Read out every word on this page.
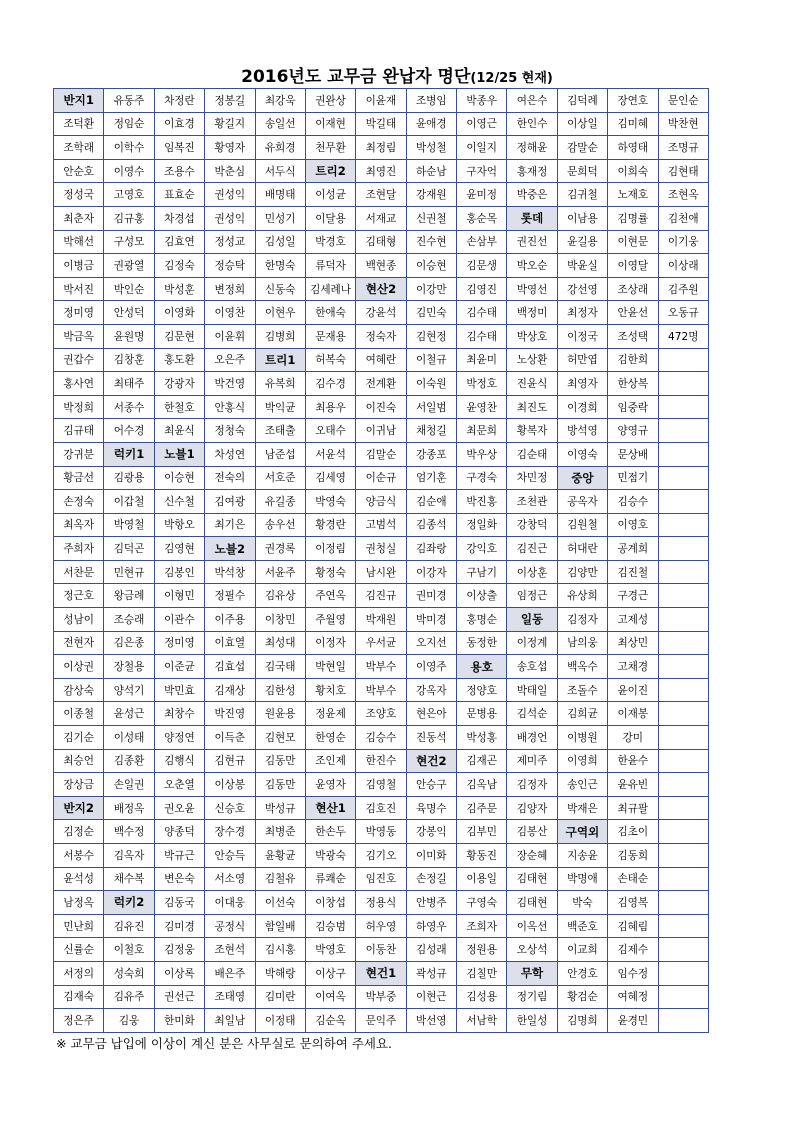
2016년도 교무금 완납자 명단(12/25 현재)
반지1	유동주	차정란	정봉길	최강욱	권완상	이윤재	조병임	박종우	여은수	김덕례	장연호	문인순
조덕환	정임순	이효경	황길지	송일선	이재현	박길태	윤애경	이영근	한인수	이상일	김미혜	박찬현
조학래	이학수	임복진	황영자	유희경	천무환	최정림	박성철	이일지	정해윤	감말순	하영태	조명규
안순호	이영수	조용수	박춘심	서두식	트리2	최영진	하순남	구자억	홍재정	문희덕	이희숙	김현태
정성국	고영호	표효순	권성익	배명태	이성균	조현달	강재원	윤미정	박중은	김귀철	노재호	조현옥
최춘자	김규홍	차경섭	권성익	민성기	이달용	서재교	신권철	홍순목	롯데	이남용	김명률	김천애
박해선	구성모	김효연	정성교	김성일	박경호	김태형	진수현	손삼부	권진선	윤길용	이현문	이기웅
이병금	권광열	김정숙	정승탁	한명숙	류덕자	백현종	이승현	김문생	박오순	박윤실	이영달	이상래
박서진	박인순	박성훈	변정희	신동숙	김세례나	현산2	이강만	김영진	박영선	강선영	조상래	김주원
정미영	안성덕	이영화	이영찬	이현우	한애숙	강윤석	김민숙	김수태	백정미	최정자	안윤선	오동규
박금옥	윤원명	김문현	이윤휘	김병희	문재용	정숙자	김현정	김수태	박상호	이정국	조성택	472명
권갑수	김창훈	홍도환	오은주	트리1	허복숙	여혜란	이철규	최윤미	노상환	허만엽	김한희	
홍사연	최태주	강광자	박건영	유복희	김수경	전계환	이숙원	박정호	진윤식	최영자	한상복	
박정희	서종수	한철호	안홍식	박익균	최용우	이진숙	서일범	윤영찬	최진도	이경희	임중락	
김규태	어수경	최윤식	정청숙	조태출	오태수	이귀남	채청길	최문희	황복자	방석영	양영규	
강귀분	럭키1	노블1	차성연	남준섭	서윤석	김말순	강종포	박우상	김순태	이영숙	문상배	
황금선	김광용	이승현	전숙의	서호준	김세영	이순규	엄기훈	구경숙	차민정	중앙	민점기	
손정숙	이갑철	신수철	김여광	유길종	박영숙	양금식	김순애	박진홍	조천관	공옥자	김승수	
최옥자	박영철	박항오	최기은	송우선	황경란	고범석	김종석	정일화	강창덕	김원철	이영호	
주희자	김덕곤	김영현	노블2	권경록	이정림	권청실	김좌랑	강익호	김진근	허대란	공계희	
서찬문	민현규	김봉인	박석창	서윤주	황정숙	남시완	이강자	구남기	이상훈	김양만	김진철	
정근호	왕금례	이형민	정필수	김유상	주연옥	김진규	권미경	이상출	임정근	유상희	구경근	
성남이	조승래	이관수	이주용	이창민	주월영	박재원	박미경	홍명순	일동	김정자	고제성	
전현자	김은종	정미영	이효열	최성대	이정자	우서균	오지선	동정한	이정계	남의웅	최상민	
이상권	장철용	이준균	김효섭	김국태	박현일	박부수	이영주	용호	송호섭	백옥수	고채경	
감상숙	양석기	박민효	김재상	김한성	황치호	박부수	강옥자	정양호	박태일	조돌수	윤이진	
이종철	윤성근	최창수	박진영	원윤용	정윤제	조양호	현은아	문병용	김석순	김희균	이재봉	
김기순	이성태	양정연	이득춘	김현모	한영순	김승수	진동석	박성홍	배경언	이병원	강미	
최승언	김종환	김행식	김현규	김동만	조인제	한진수	현건2	김재곤	제미주	이영희	한윤수	
장상금	손일권	오춘열	이상봉	김동만	윤영자	김영철	안승구	김옥남	김정자	송인근	윤유빈	
반지2	배정옥	권오윤	신승호	박성규	현산1	김호진	육명수	김주문	김양자	박재은	최규팔	
김정순	백수정	양종덕	장수경	최병준	한손두	박영동	강봉익	김부민	김봉산	구역외	김초이	
서봉수	김옥자	박규근	안승득	윤황균	박광숙	김기오	이미화	황동진	장순혜	지송윤	김동희	
윤석성	채수복	변은숙	서소영	김철유	류쾌순	임진호	손정길	이용일	김태현	박명애	손태순	
남정옥	럭키2	김동국	이대웅	이선숙	이창섭	정용식	안병주	구영숙	김태현	박숙	김영복	
민난희	김유진	김미경	공정식	함일배	김승범	허우영	하영우	조희자	이옥선	백준호	김혜림	
신률순	이철호	김정웅	조현석	김시홍	박영호	이동찬	김성래	정원용	오상석	이교희	김제수	
서정의	성숙희	이상록	배은주	박해랑	이상구	현건1	곽성규	김칠만	무학	안경호	임수정	
김재숙	김유주	권선근	조태영	김미란	이여옥	박부중	이현근	김성용	정기림	황검순	여혜정	
정은주	김웅	한미화	최일남	이정태	김순옥	문익주	박선영	서남학	한일성	김명희	윤경민	
※ 교무금 납입에 이상이 계신 분은 사무실로 문의하여 주세요.
